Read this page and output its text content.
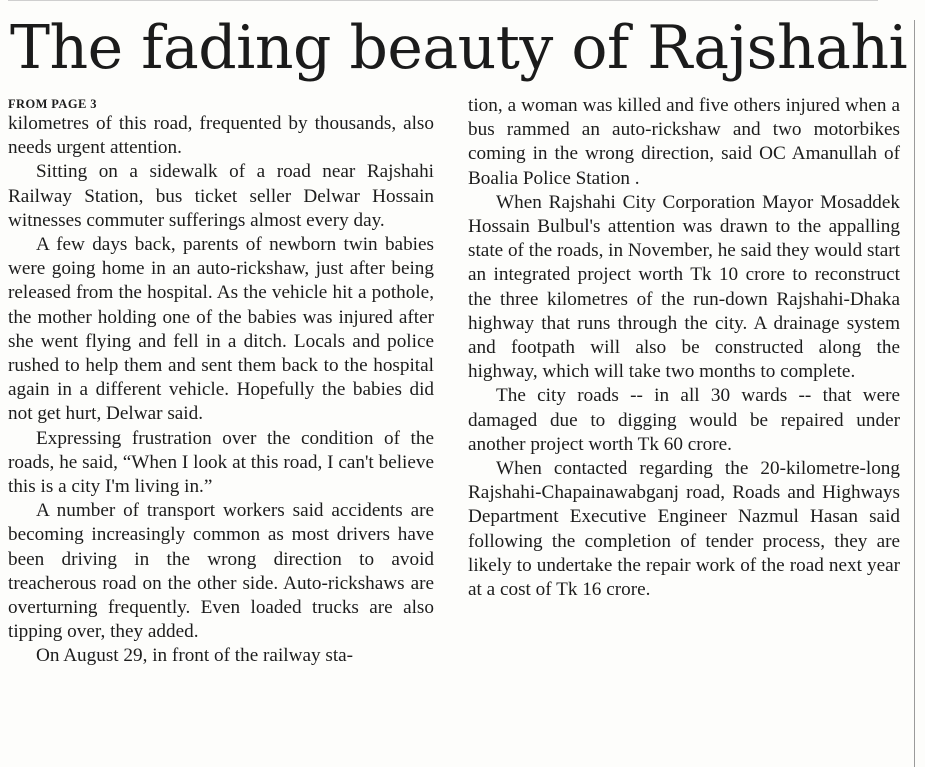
The fading beauty of Rajshahi
FROM PAGE 3

kilometres of this road, frequented by thousands, also needs urgent attention.

Sitting on a sidewalk of a road near Rajshahi Railway Station, bus ticket seller Delwar Hossain witnesses commuter sufferings almost every day.

A few days back, parents of newborn twin babies were going home in an auto-rickshaw, just after being released from the hospital. As the vehicle hit a pothole, the mother holding one of the babies was injured after she went flying and fell in a ditch. Locals and police rushed to help them and sent them back to the hospital again in a different vehicle. Hopefully the babies did not get hurt, Delwar said.

Expressing frustration over the condition of the roads, he said, “When I look at this road, I can't believe this is a city I'm living in.”

A number of transport workers said accidents are becoming increasingly common as most drivers have been driving in the wrong direction to avoid treacherous road on the other side. Auto-rickshaws are overturning frequently. Even loaded trucks are also tipping over, they added.

On August 29, in front of the railway sta-

tion, a woman was killed and five others injured when a bus rammed an auto-rickshaw and two motorbikes coming in the wrong direction, said OC Amanullah of Boalia Police Station .

When Rajshahi City Corporation Mayor Mosaddek Hossain Bulbul's attention was drawn to the appalling state of the roads, in November, he said they would start an integrated project worth Tk 10 crore to reconstruct the three kilometres of the run-down Rajshahi-Dhaka highway that runs through the city. A drainage system and footpath will also be constructed along the highway, which will take two months to complete.

The city roads -- in all 30 wards -- that were damaged due to digging would be repaired under another project worth Tk 60 crore.

When contacted regarding the 20-kilometre-long Rajshahi-Chapainawabganj road, Roads and Highways Department Executive Engineer Nazmul Hasan said following the completion of tender process, they are likely to undertake the repair work of the road next year at a cost of Tk 16 crore.
